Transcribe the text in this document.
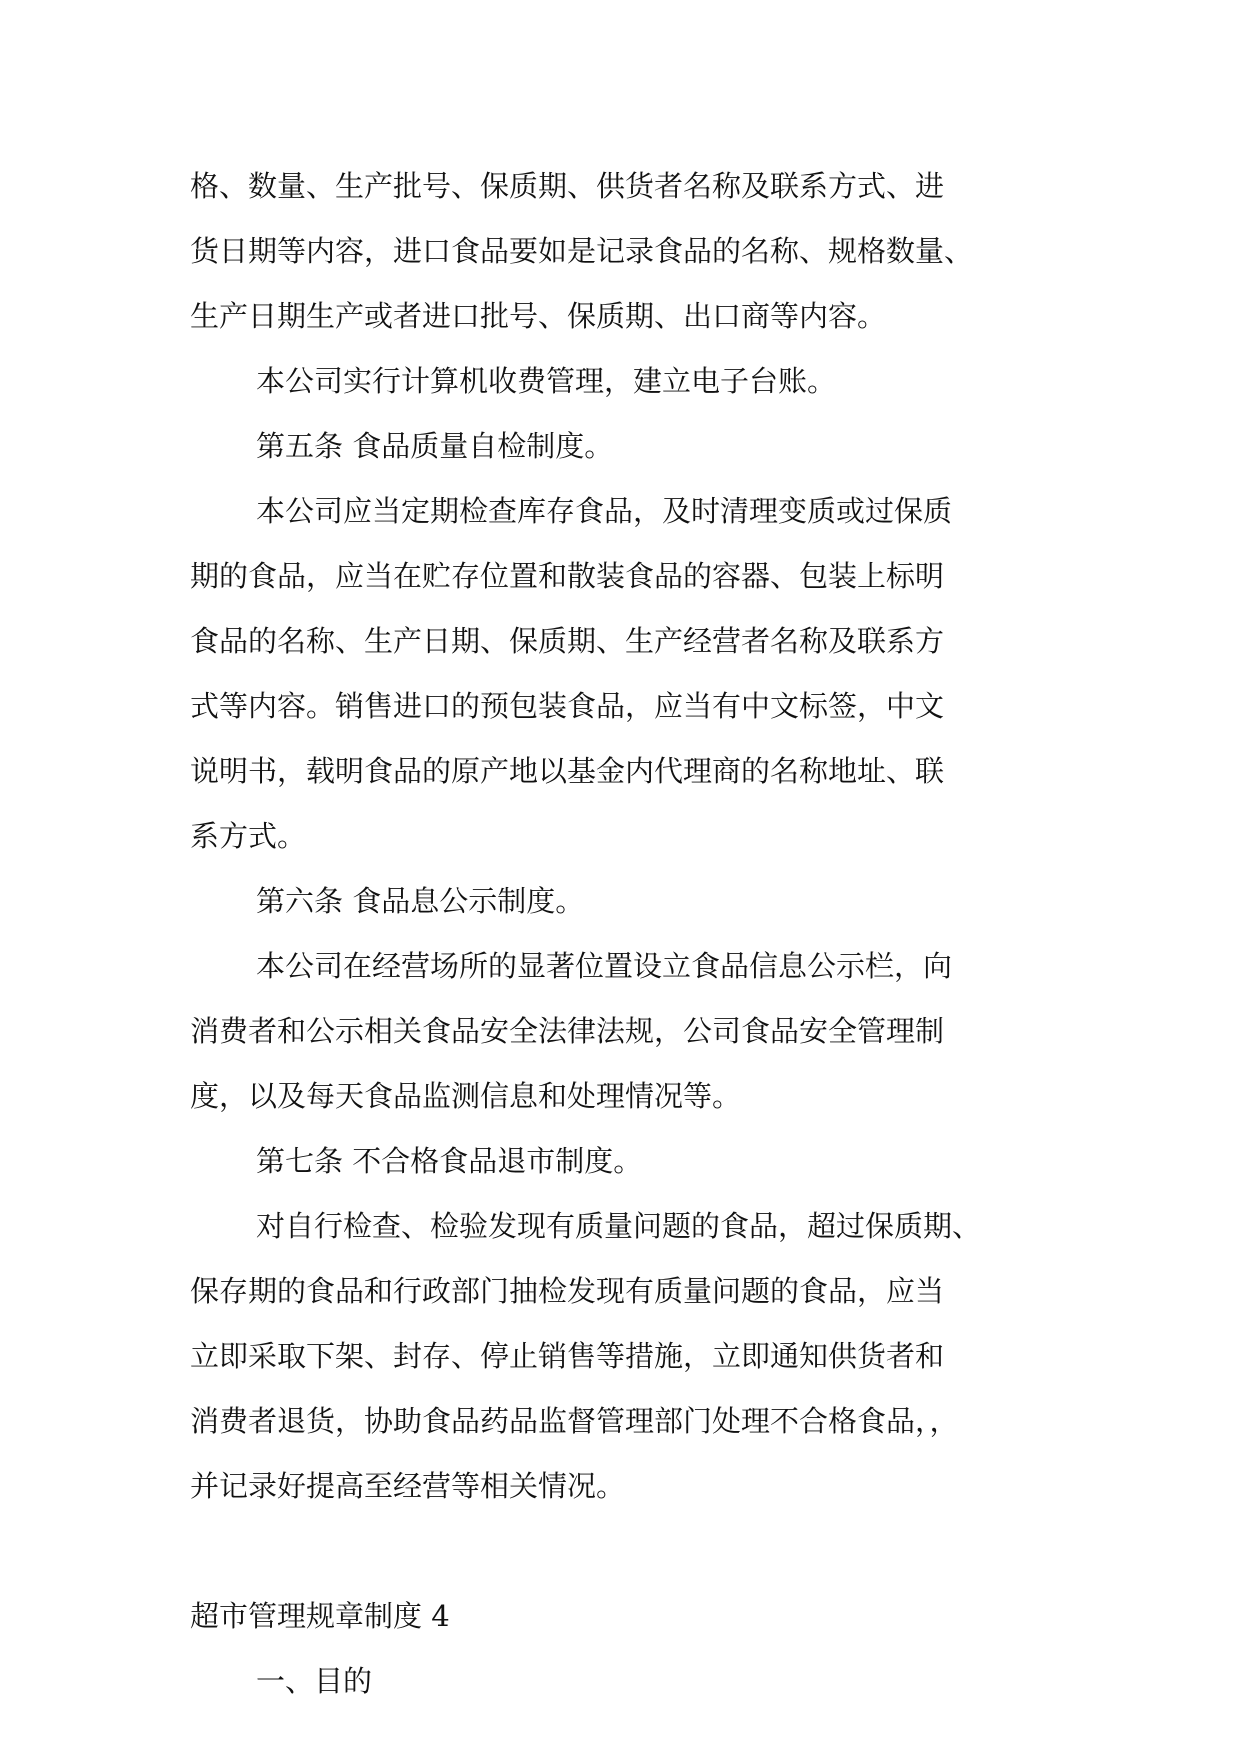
格、数量、生产批号、保质期、供货者名称及联系方式、进
货日期等内容，进口食品要如是记录食品的名称、规格数量、
生产日期生产或者进口批号、保质期、出口商等内容。
本公司实行计算机收费管理，建立电子台账。
第五条 食品质量自检制度。
本公司应当定期检查库存食品，及时清理变质或过保质
期的食品，应当在贮存位置和散装食品的容器、包装上标明
食品的名称、生产日期、保质期、生产经营者名称及联系方
式等内容。销售进口的预包装食品，应当有中文标签，中文
说明书，载明食品的原产地以基金内代理商的名称地址、联
系方式。
第六条 食品息公示制度。
本公司在经营场所的显著位置设立食品信息公示栏，向
消费者和公示相关食品安全法律法规，公司食品安全管理制
度，以及每天食品监测信息和处理情况等。
第七条 不合格食品退市制度。
对自行检查、检验发现有质量问题的食品，超过保质期、
保存期的食品和行政部门抽检发现有质量问题的食品，应当
立即采取下架、封存、停止销售等措施，立即通知供货者和
消费者退货，协助食品药品监督管理部门处理不合格食品，，
并记录好提高至经营等相关情况。
超市管理规章制度 4
一、目的
